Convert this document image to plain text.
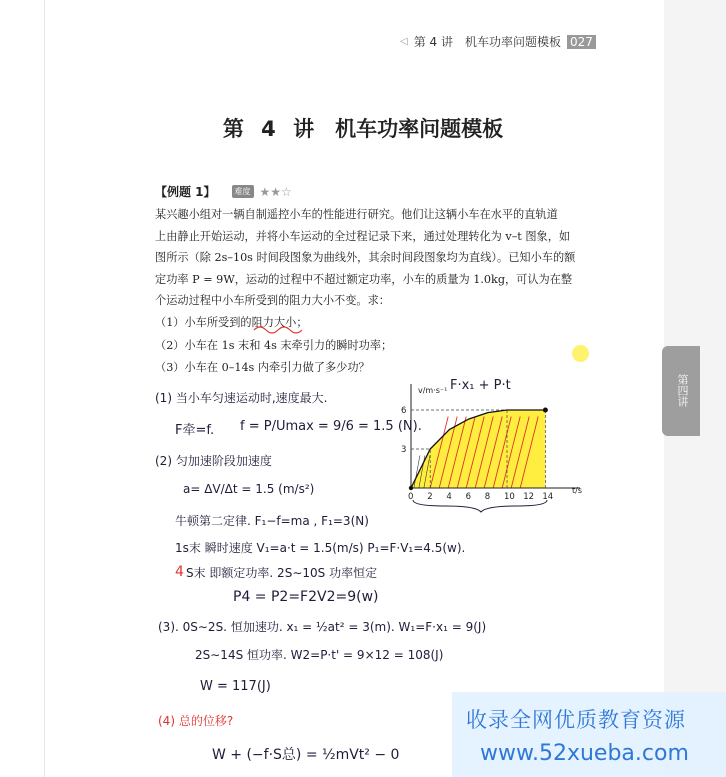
◁ 第 4 讲 机车功率问题模板 027
第 4 讲　机车功率问题模板
【例题 1】	难度 ★★☆
某兴趣小组对一辆自制遥控小车的性能进行研究。他们让这辆小车在水平的直轨道
上由静止开始运动，并将小车运动的全过程记录下来，通过处理转化为 v–t 图象，如
图所示（除 2s–10s 时间段图象为曲线外，其余时间段图象均为直线）。已知小车的额
定功率 P = 9W，运动的过程中不超过额定功率，小车的质量为 1.0kg，可认为在整
个运动过程中小车所受到的阻力大小不变。求：
（1）小车所受到的阻力大小；
（2）小车在 1s 末和 4s 末牵引力的瞬时功率；
（3）小车在 0–14s 内牵引力做了多少功？
第四讲
(1) 当小车匀速运动时,速度最大.
F牵=f. f = P/Umax = 9/6 = 1.5 (N).
(2) 匀加速阶段加速度
a= ΔV/Δt = 1.5 (m/s²)
牛顿第二定律. F₁−f=ma , F₁=3(N)
1s末 瞬时速度 V₁=a·t = 1.5(m/s) P₁=F·V₁=4.5(w).
4 S末 即额定功率. 2S∼10S 功率恒定
P4 = P2=F2V2=9(w)
(3). 0S∼2S. 恒加速功. x₁ = ½at² = 3(m). W₁=F·x₁ = 9(J)
2S∼14S 恒功率. W2=P·t' = 9×12 = 108(J)
W = 117(J)
(4) 总的位移?
W + (−f·S总) = ½mVt² − 0
F·x₁ + P·t
0 2 4 6 8 10 12 14
3
6
v/m·s⁻¹
t/s
收录全网优质教育资源
www.52xueba.com
